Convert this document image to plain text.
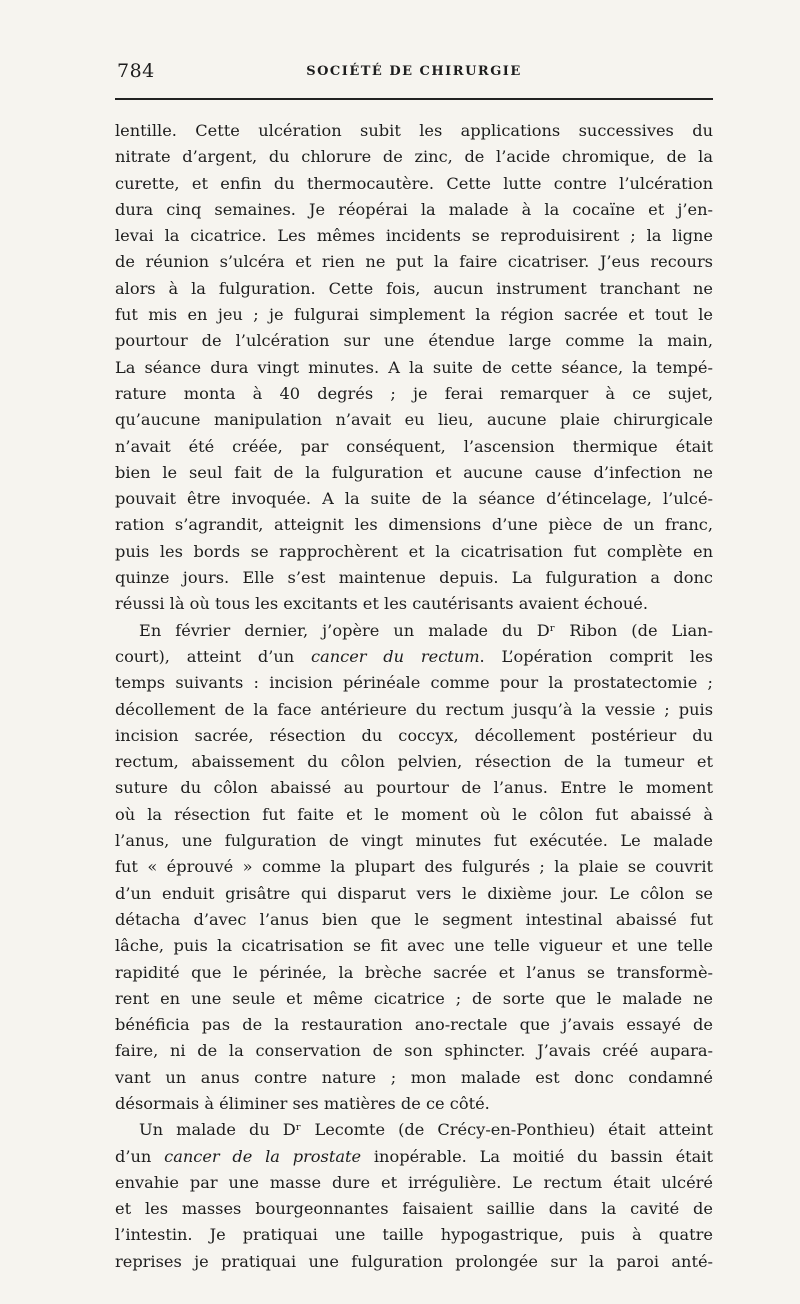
784	SOCIÉTÉ DE CHIRURGIE
lentille. Cette ulcération subit les applications successives du
nitrate d’argent, du chlorure de zinc, de l’acide chromique, de la
curette, et enfin du thermocautère. Cette lutte contre l’ulcération
dura cinq semaines. Je réopérai la malade à la cocaïne et j’en-
levai la cicatrice. Les mêmes incidents se reproduisirent ; la ligne
de réunion s’ulcéra et rien ne put la faire cicatriser. J’eus recours
alors à la fulguration. Cette fois, aucun instrument tranchant ne
fut mis en jeu ; je fulgurai simplement la région sacrée et tout le
pourtour de l’ulcération sur une étendue large comme la main,
La séance dura vingt minutes. A la suite de cette séance, la tempé-
rature monta à 40 degrés ; je ferai remarquer à ce sujet,
qu’aucune manipulation n’avait eu lieu, aucune plaie chirurgicale
n’avait été créée, par conséquent, l’ascension thermique était
bien le seul fait de la fulguration et aucune cause d’infection ne
pouvait être invoquée. A la suite de la séance d’étincelage, l’ulcé-
ration s’agrandit, atteignit les dimensions d’une pièce de un franc,
puis les bords se rapprochèrent et la cicatrisation fut complète en
quinze jours. Elle s’est maintenue depuis. La fulguration a donc
réussi là où tous les excitants et les cautérisants avaient échoué.
En février dernier, j’opère un malade du Dʳ Ribon (de Lian-
court), atteint d’un cancer du rectum. L’opération comprit les
temps suivants : incision périnéale comme pour la prostatectomie ;
décollement de la face antérieure du rectum jusqu’à la vessie ; puis
incision sacrée, résection du coccyx, décollement postérieur du
rectum, abaissement du côlon pelvien, résection de la tumeur et
suture du côlon abaissé au pourtour de l’anus. Entre le moment
où la résection fut faite et le moment où le côlon fut abaissé à
l’anus, une fulguration de vingt minutes fut exécutée. Le malade
fut « éprouvé » comme la plupart des fulgurés ; la plaie se couvrit
d’un enduit grisâtre qui disparut vers le dixième jour. Le côlon se
détacha d’avec l’anus bien que le segment intestinal abaissé fut
lâche, puis la cicatrisation se fit avec une telle vigueur et une telle
rapidité que le périnée, la brèche sacrée et l’anus se transformè-
rent en une seule et même cicatrice ; de sorte que le malade ne
bénéficia pas de la restauration ano-rectale que j’avais essayé de
faire, ni de la conservation de son sphincter. J’avais créé aupara-
vant un anus contre nature ; mon malade est donc condamné
désormais à éliminer ses matières de ce côté.
Un malade du Dʳ Lecomte (de Crécy-en-Ponthieu) était atteint
d’un cancer de la prostate inopérable. La moitié du bassin était
envahie par une masse dure et irrégulière. Le rectum était ulcéré
et les masses bourgeonnantes faisaient saillie dans la cavité de
l’intestin. Je pratiquai une taille hypogastrique, puis à quatre
reprises je pratiquai une fulguration prolongée sur la paroi anté-
